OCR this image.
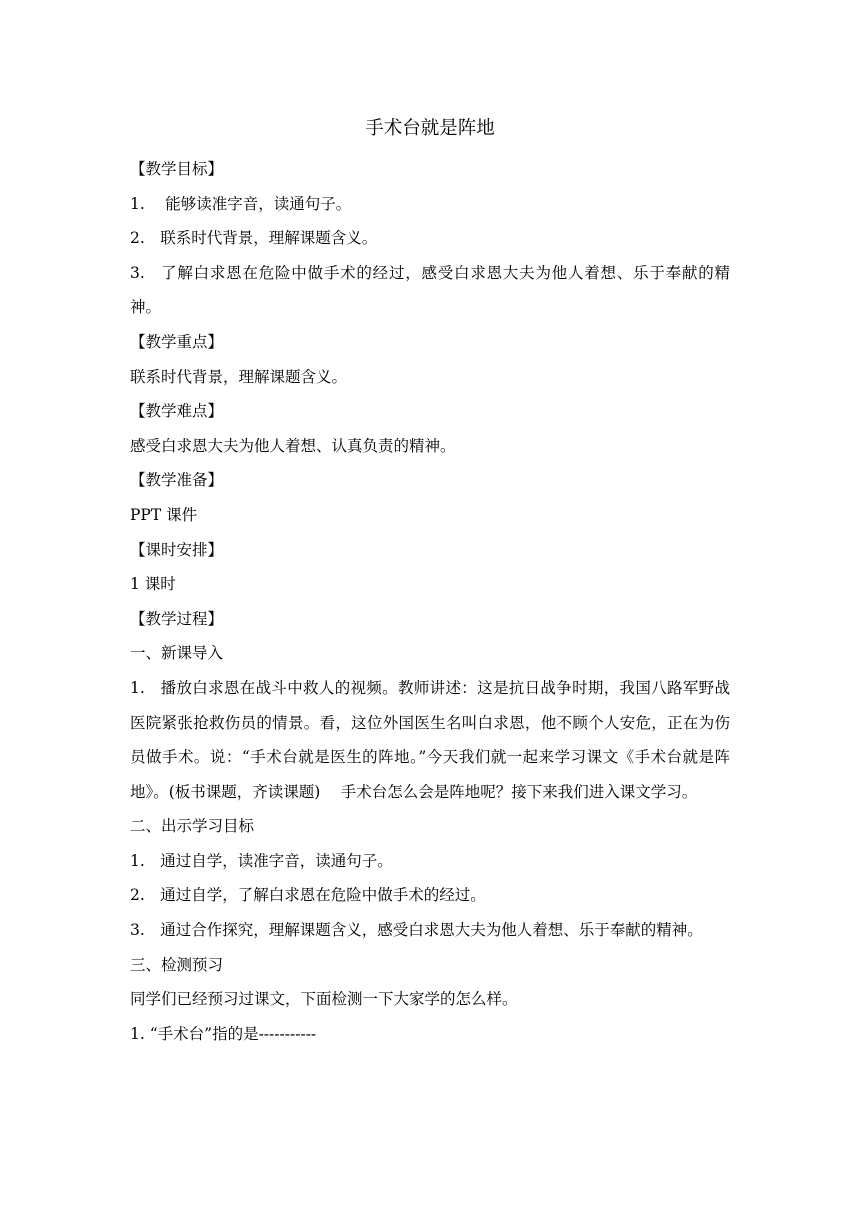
手术台就是阵地

【教学目标】

1.  能够读准字音，读通句子。

2. 联系时代背景，理解课题含义。

3. 了解白求恩在危险中做手术的经过，感受白求恩大夫为他人着想、乐于奉献的精神。

【教学重点】

联系时代背景，理解课题含义。

【教学难点】

感受白求恩大夫为他人着想、认真负责的精神。

【教学准备】

PPT 课件

【课时安排】

1 课时

【教学过程】

一、新课导入

1. 播放白求恩在战斗中救人的视频。教师讲述：这是抗日战争时期，我国八路军野战医院紧张抢救伤员的情景。看，这位外国医生名叫白求恩，他不顾个人安危，正在为伤员做手术。说：“手术台就是医生的阵地。”今天我们就一起来学习课文《手术台就是阵地》。(板书课题，齐读课题)  手术台怎么会是阵地呢？接下来我们进入课文学习。

二、出示学习目标

1. 通过自学，读准字音，读通句子。

2. 通过自学，了解白求恩在危险中做手术的经过。

3. 通过合作探究，理解课题含义，感受白求恩大夫为他人着想、乐于奉献的精神。

三、检测预习

同学们已经预习过课文，下面检测一下大家学的怎么样。

1. “手术台”指的是-----------
